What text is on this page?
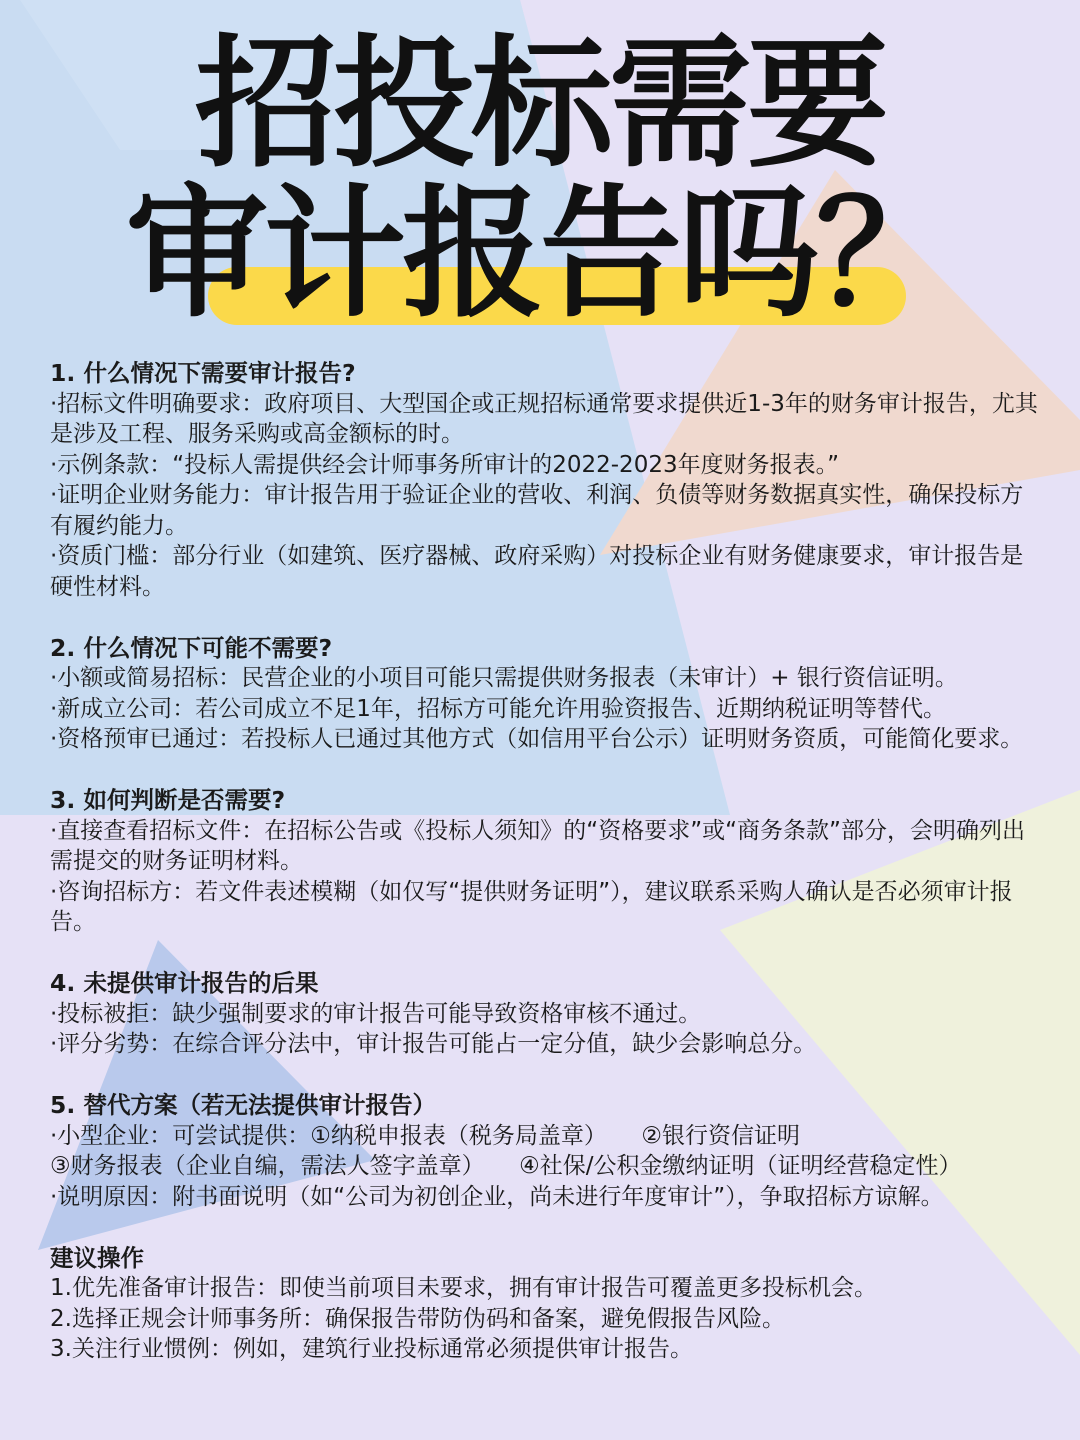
招投标需要
审计报告吗？
1. 什么情况下需要审计报告?

·招标文件明确要求：政府项目、大型国企或正规招标通常要求提供近1-3年的财务审计报告，尤其是涉及工程、服务采购或高金额标的时。

·示例条款：“投标人需提供经会计师事务所审计的2022-2023年度财务报表。”

·证明企业财务能力：审计报告用于验证企业的营收、利润、负债等财务数据真实性，确保投标方有履约能力。

·资质门槛：部分行业（如建筑、医疗器械、政府采购）对投标企业有财务健康要求，审计报告是硬性材料。

2. 什么情况下可能不需要?

·小额或简易招标：民营企业的小项目可能只需提供财务报表（未审计）+ 银行资信证明。

·新成立公司：若公司成立不足1年，招标方可能允许用验资报告、近期纳税证明等替代。

·资格预审已通过：若投标人已通过其他方式（如信用平台公示）证明财务资质，可能简化要求。

3. 如何判断是否需要?

·直接查看招标文件：在招标公告或《投标人须知》的“资格要求”或“商务条款”部分，会明确列出需提交的财务证明材料。

·咨询招标方：若文件表述模糊（如仅写“提供财务证明”），建议联系采购人确认是否必须审计报告。

4. 未提供审计报告的后果

·投标被拒：缺少强制要求的审计报告可能导致资格审核不通过。

·评分劣势：在综合评分法中，审计报告可能占一定分值，缺少会影响总分。

5. 替代方案（若无法提供审计报告）

·小型企业：可尝试提供：①纳税申报表（税务局盖章）　　②银行资信证明

③财务报表（企业自编，需法人签字盖章）　　④社保/公积金缴纳证明（证明经营稳定性）

·说明原因：附书面说明（如“公司为初创企业，尚未进行年度审计”），争取招标方谅解。

建议操作

1.优先准备审计报告：即使当前项目未要求，拥有审计报告可覆盖更多投标机会。

2.选择正规会计师事务所：确保报告带防伪码和备案，避免假报告风险。

3.关注行业惯例：例如，建筑行业投标通常必须提供审计报告。
